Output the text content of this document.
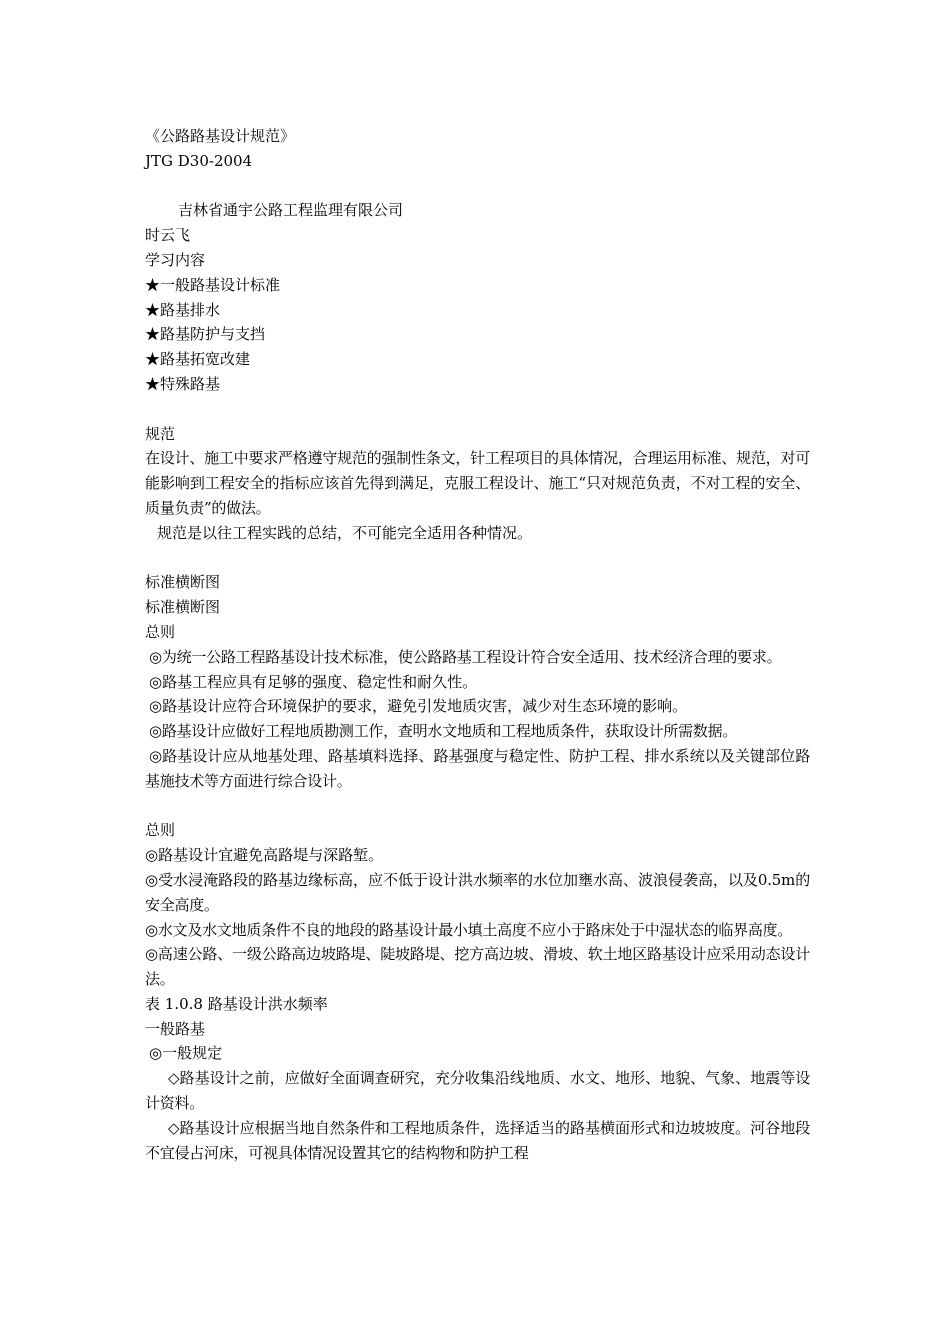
《公路路基设计规范》

JTG D30-2004

吉林省通宇公路工程监理有限公司

时云飞

学习内容

★一般路基设计标准

★路基排水

★路基防护与支挡

★路基拓宽改建

★特殊路基

规范

在设计、施工中要求严格遵守规范的强制性条文，针工程项目的具体情况，合理运用标准、规范，对可能影响到工程安全的指标应该首先得到满足，克服工程设计、施工“只对规范负责，不对工程的安全、质量负责”的做法。

规范是以往工程实践的总结，不可能完全适用各种情况。

标准横断图

标准横断图

总则

◎为统一公路工程路基设计技术标准，使公路路基工程设计符合安全适用、技术经济合理的要求。

◎路基工程应具有足够的强度、稳定性和耐久性。

◎路基设计应符合环境保护的要求，避免引发地质灾害，减少对生态环境的影响。

◎路基设计应做好工程地质勘测工作，查明水文地质和工程地质条件，获取设计所需数据。

◎路基设计应从地基处理、路基填料选择、路基强度与稳定性、防护工程、排水系统以及关键部位路基施技术等方面进行综合设计。

总则

◎路基设计宜避免高路堤与深路堑。

◎受水浸淹路段的路基边缘标高，应不低于设计洪水频率的水位加壅水高、波浪侵袭高，以及0.5m的安全高度。

◎水文及水文地质条件不良的地段的路基设计最小填土高度不应小于路床处于中湿状态的临界高度。

◎高速公路、一级公路高边坡路堤、陡坡路堤、挖方高边坡、滑坡、软土地区路基设计应采用动态设计法。

表 1.0.8 路基设计洪水频率

一般路基

◎一般规定

◇路基设计之前，应做好全面调查研究，充分收集沿线地质、水文、地形、地貌、气象、地震等设计资料。

◇路基设计应根据当地自然条件和工程地质条件，选择适当的路基横面形式和边坡坡度。河谷地段不宜侵占河床，可视具体情况设置其它的结构物和防护工程
